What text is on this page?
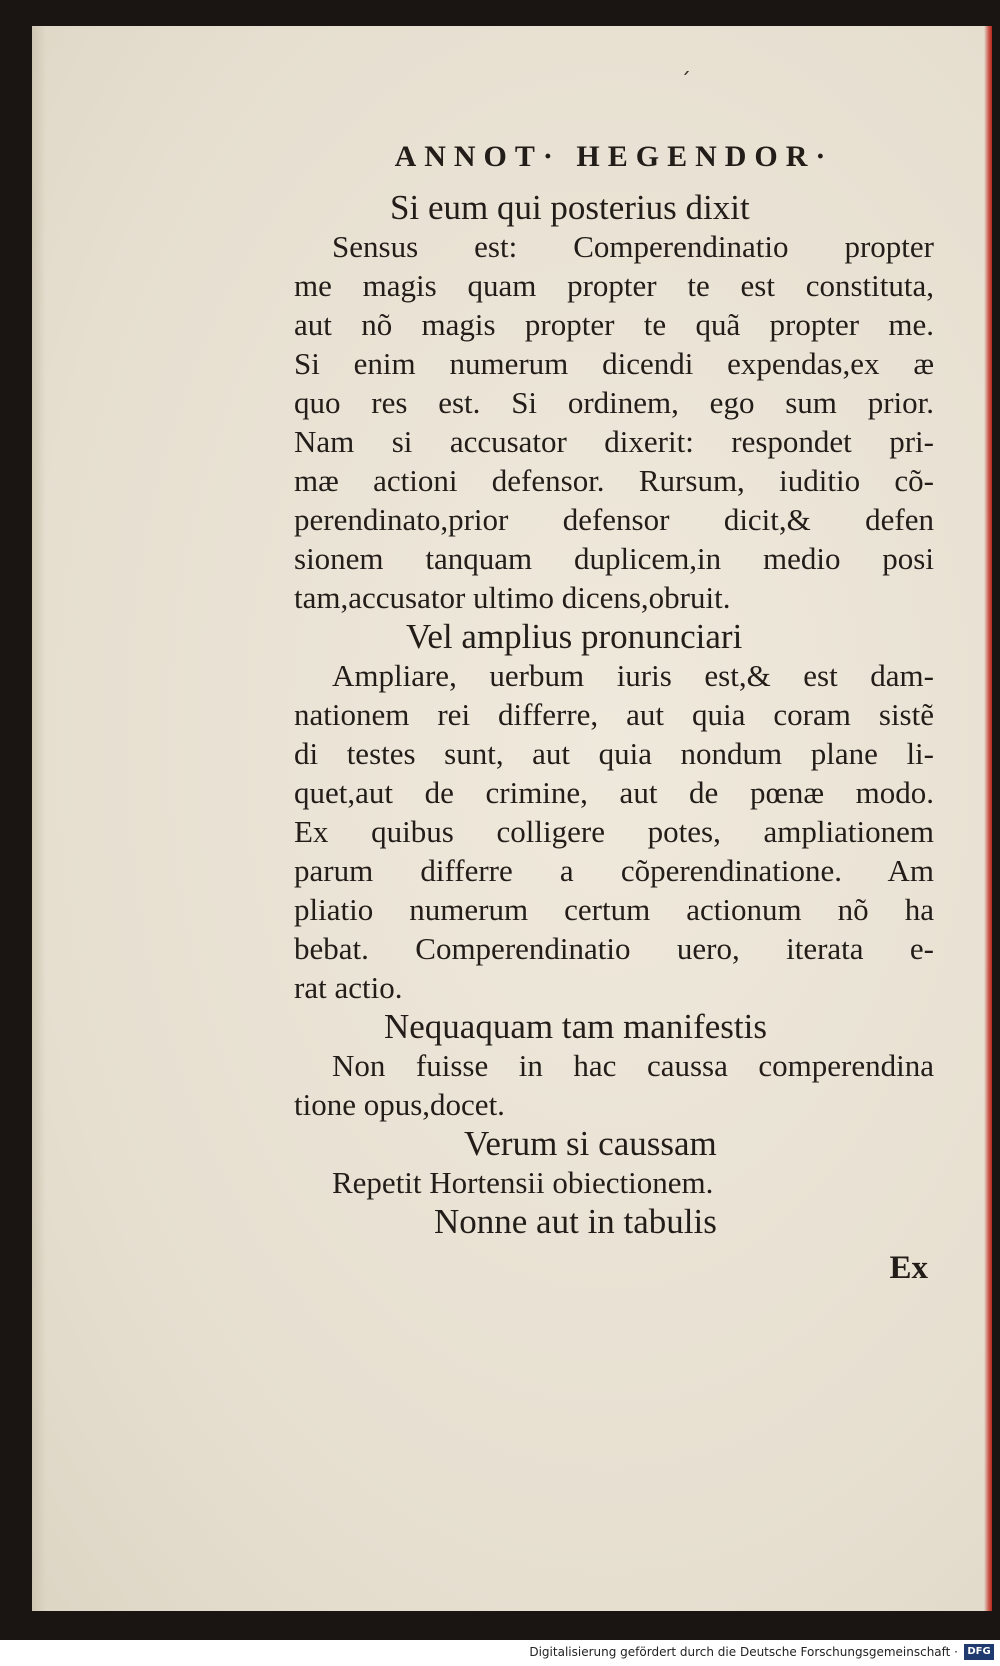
ˊ
ANNOT· HEGENDOR·
Si eum qui posterius dixit
Sensus est: Comperendinatio propter
me magis quam propter te est constituta,
aut nõ magis propter te quã propter me.
Si enim numerum dicendi expendas,ex æ
quo res est. Si ordinem, ego sum prior.
Nam si accusator dixerit: respondet pri-
mæ actioni defensor. Rursum, iuditio cõ-
perendinato,prior defensor dicit,& defen
sionem tanquam duplicem,in medio posi
tam,accusator ultimo dicens,obruit.
Vel amplius pronunciari
Ampliare, uerbum iuris est,& est dam-
nationem rei differre, aut quia coram sistẽ
di testes sunt, aut quia nondum plane li-
quet,aut de crimine, aut de pœnæ modo.
Ex quibus colligere potes, ampliationem
parum differre a cõperendinatione. Am
pliatio numerum certum actionum nõ ha
bebat. Comperendinatio uero, iterata e-
rat actio.
Nequaquam tam manifestis
Non fuisse in hac caussa comperendina
tione opus,docet.
Verum si caussam
Repetit Hortensii obiectionem.
Nonne aut in tabulis
Ex
Digitalisierung gefördert durch die Deutsche Forschungsgemeinschaft · DFG
